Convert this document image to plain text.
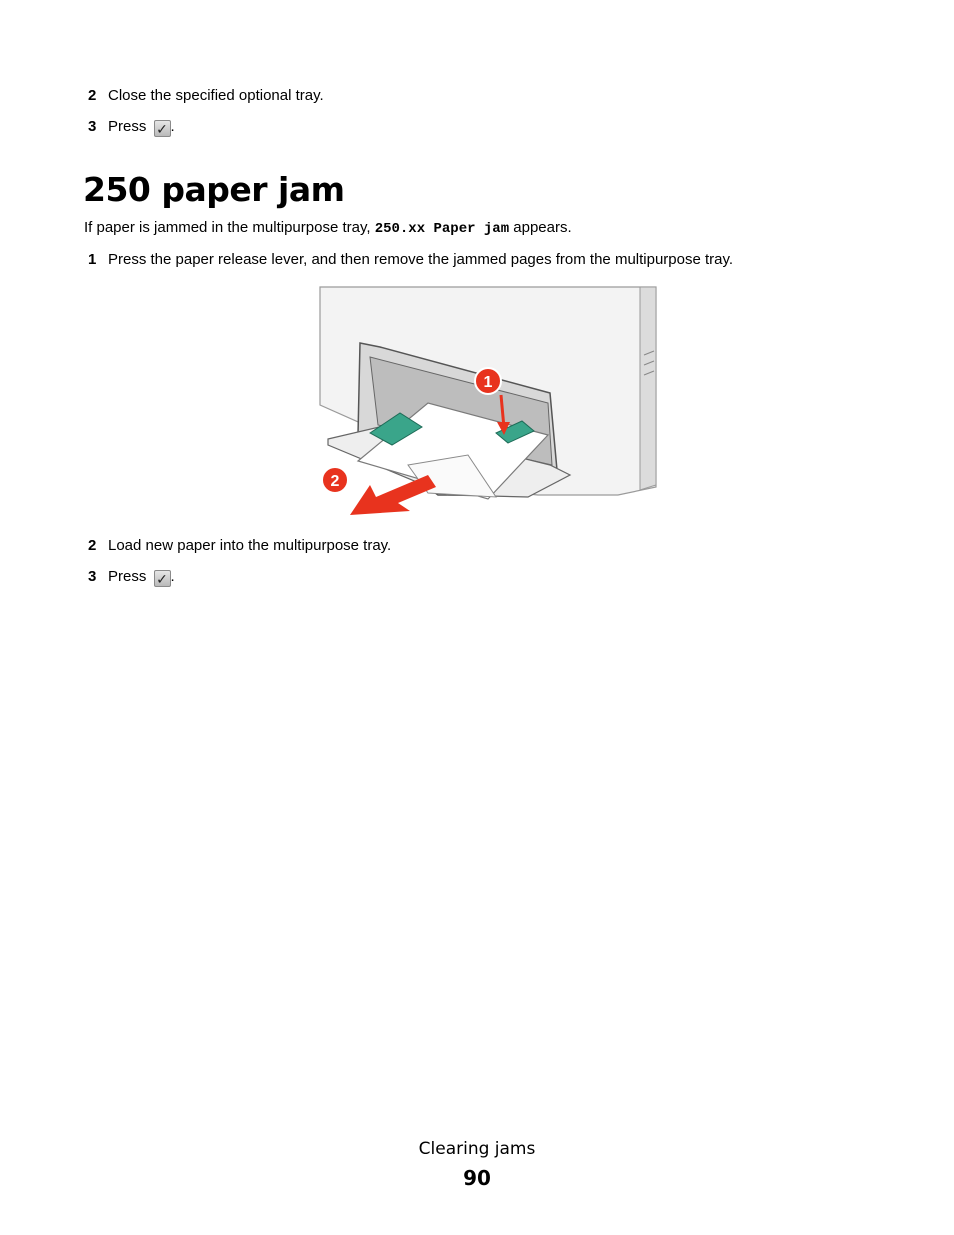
2 Close the specified optional tray.
3 Press ✓ .
250 paper jam
If paper is jammed in the multipurpose tray, 250.xx Paper jam appears.
1 Press the paper release lever, and then remove the jammed pages from the multipurpose tray.
1
2
2 Load new paper into the multipurpose tray.
3 Press ✓ .
Clearing jams
90
